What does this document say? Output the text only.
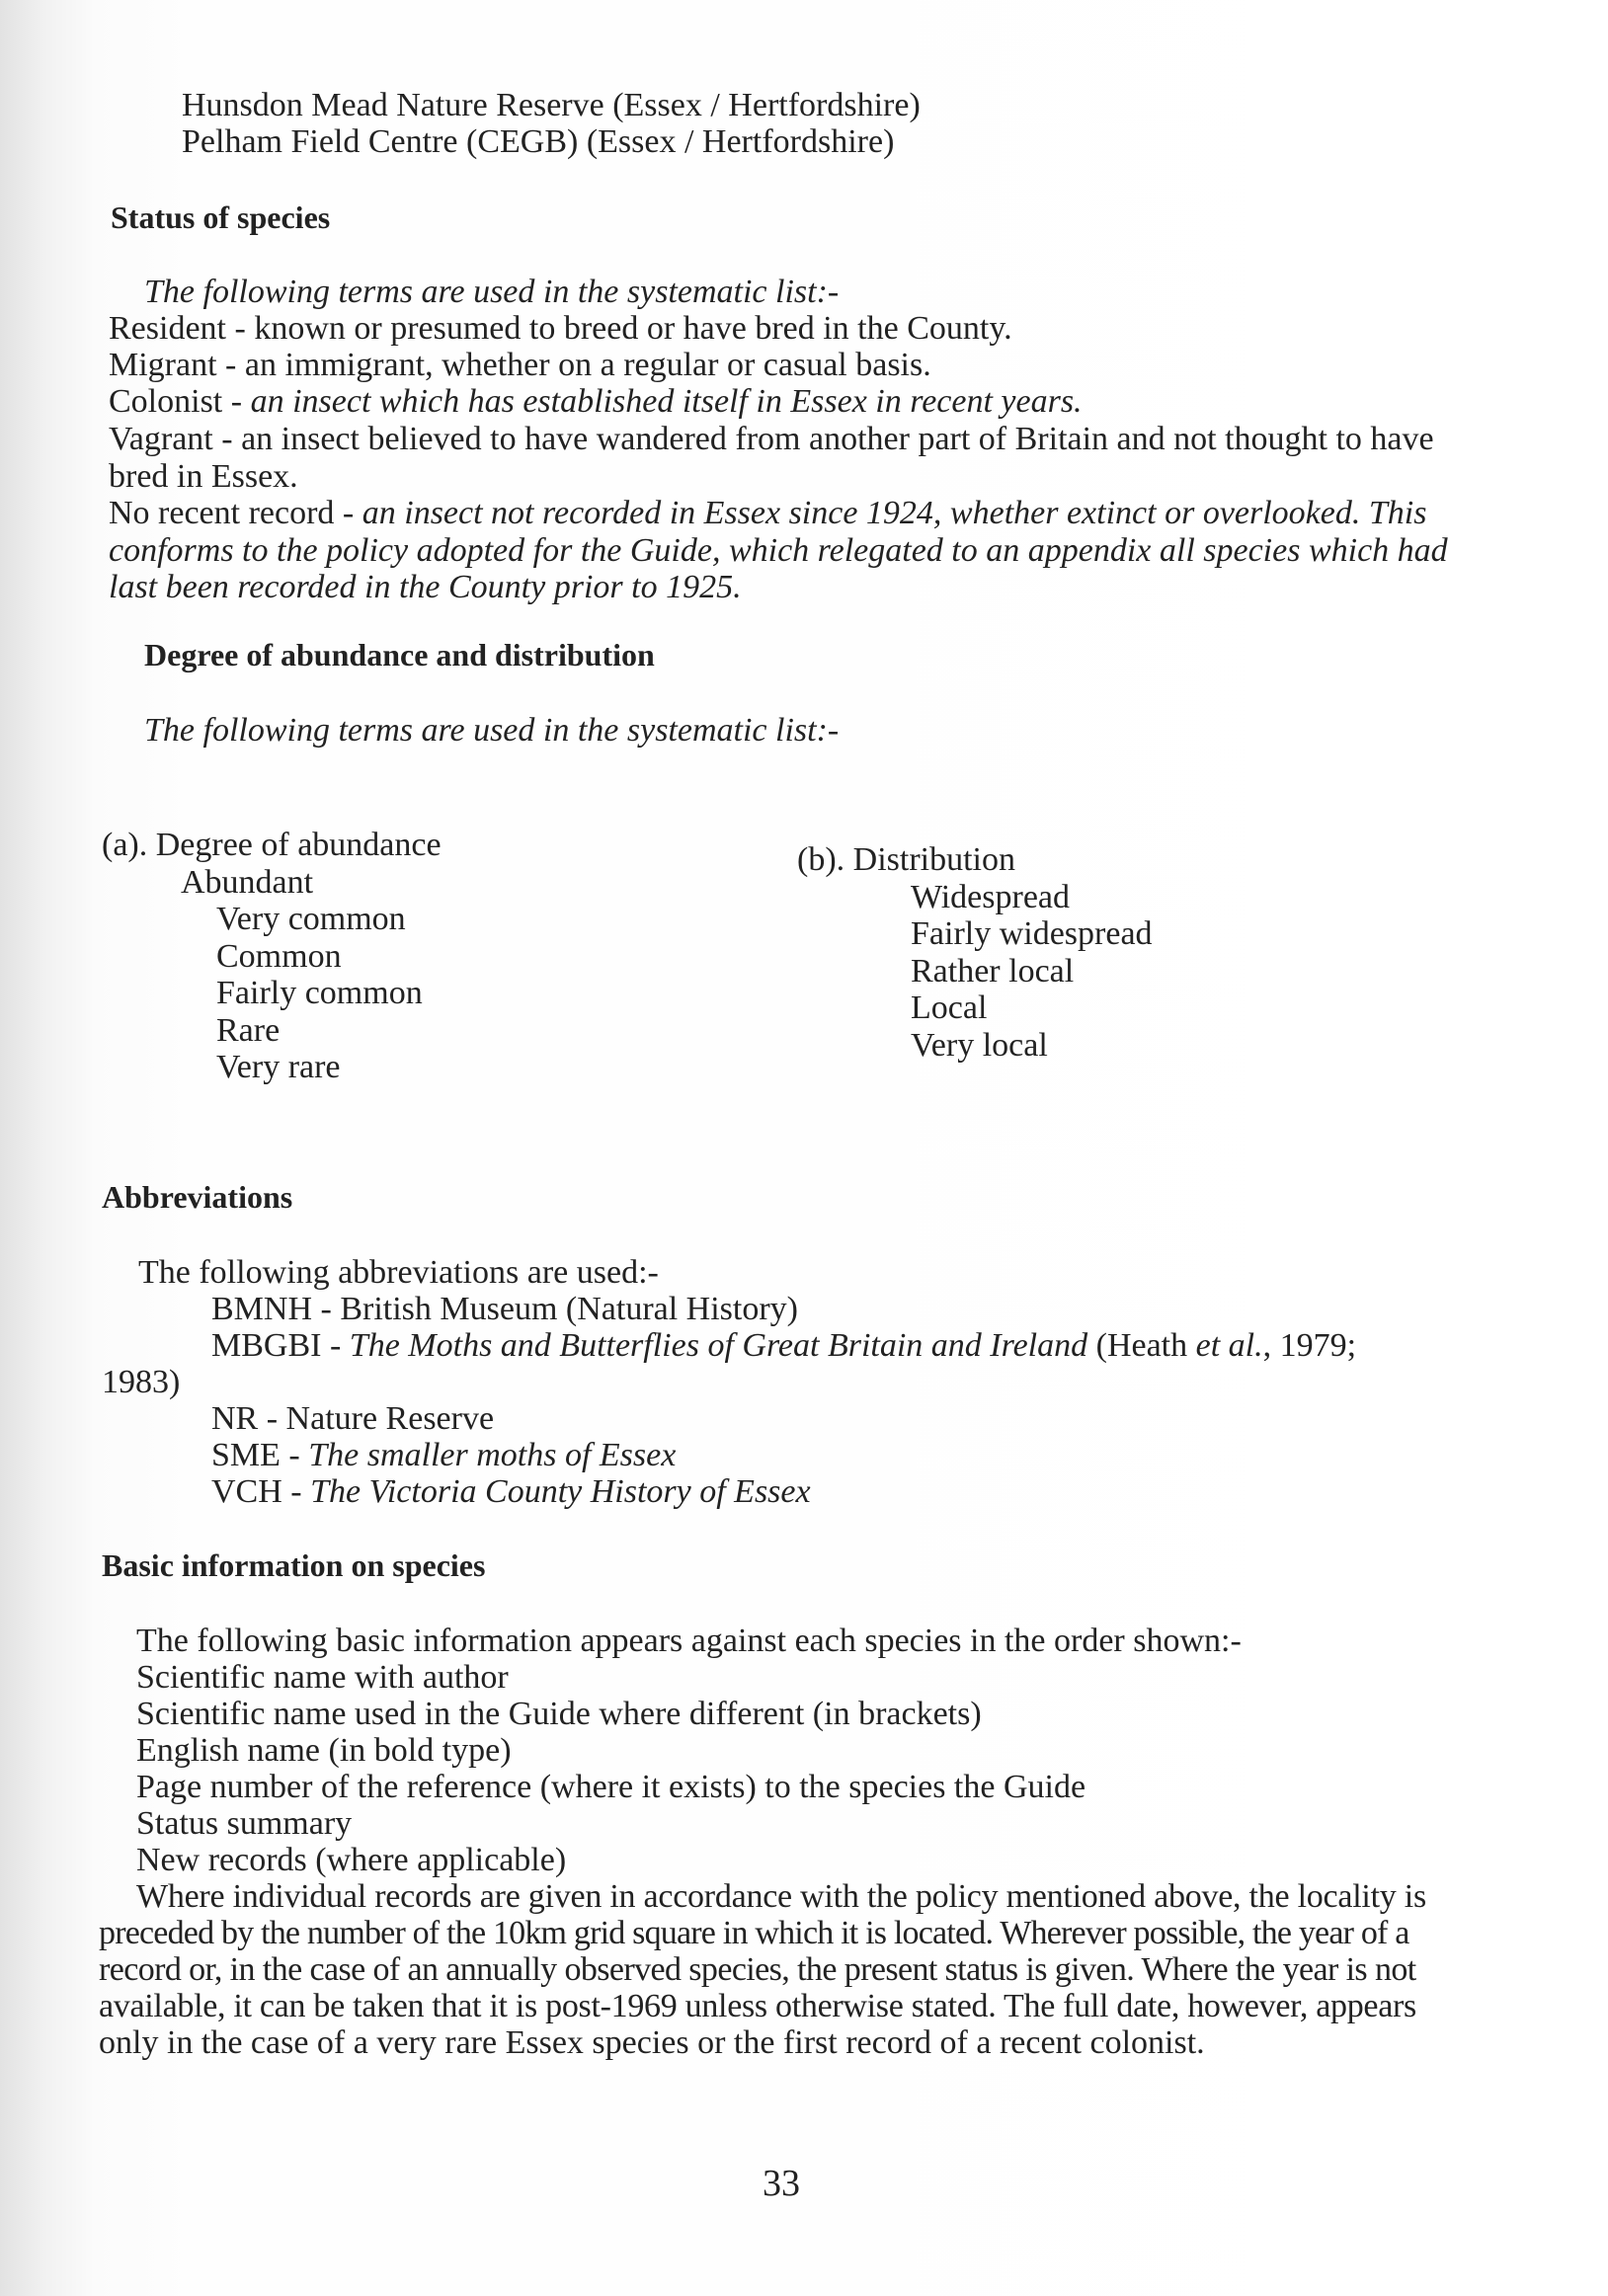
Hunsdon Mead Nature Reserve (Essex / Hertfordshire)

Pelham Field Centre (CEGB) (Essex / Hertfordshire)

Status of species

The following terms are used in the systematic list:-

Resident - known or presumed to breed or have bred in the County.

Migrant - an immigrant, whether on a regular or casual basis.

Colonist - an insect which has established itself in Essex in recent years.

Vagrant - an insect believed to have wandered from another part of Britain and not thought to have bred in Essex.

No recent record - an insect not recorded in Essex since 1924, whether extinct or overlooked. This conforms to the policy adopted for the Guide, which relegated to an appendix all species which had last been recorded in the County prior to 1925.

Degree of abundance and distribution

The following terms are used in the systematic list:-

(a). Degree of abundance

Abundant

Very common

Common

Fairly common

Rare

Very rare

(b). Distribution

Widespread

Fairly widespread

Rather local

Local

Very local

Abbreviations

The following abbreviations are used:-

BMNH - British Museum (Natural History)

MBGBI - The Moths and Butterflies of Great Britain and Ireland (Heath et al., 1979;

1983)

NR - Nature Reserve

SME - The smaller moths of Essex

VCH - The Victoria County History of Essex

Basic information on species

The following basic information appears against each species in the order shown:-

Scientific name with author

Scientific name used in the Guide where different (in brackets)

English name (in bold type)

Page number of the reference (where it exists) to the species the Guide

Status summary

New records (where applicable)

Where individual records are given in accordance with the policy mentioned above, the locality is

preceded by the number of the 10km grid square in which it is located. Wherever possible, the year of a

record or, in the case of an annually observed species, the present status is given. Where the year is not

available, it can be taken that it is post-1969 unless otherwise stated. The full date, however, appears

only in the case of a very rare Essex species or the first record of a recent colonist.

33
